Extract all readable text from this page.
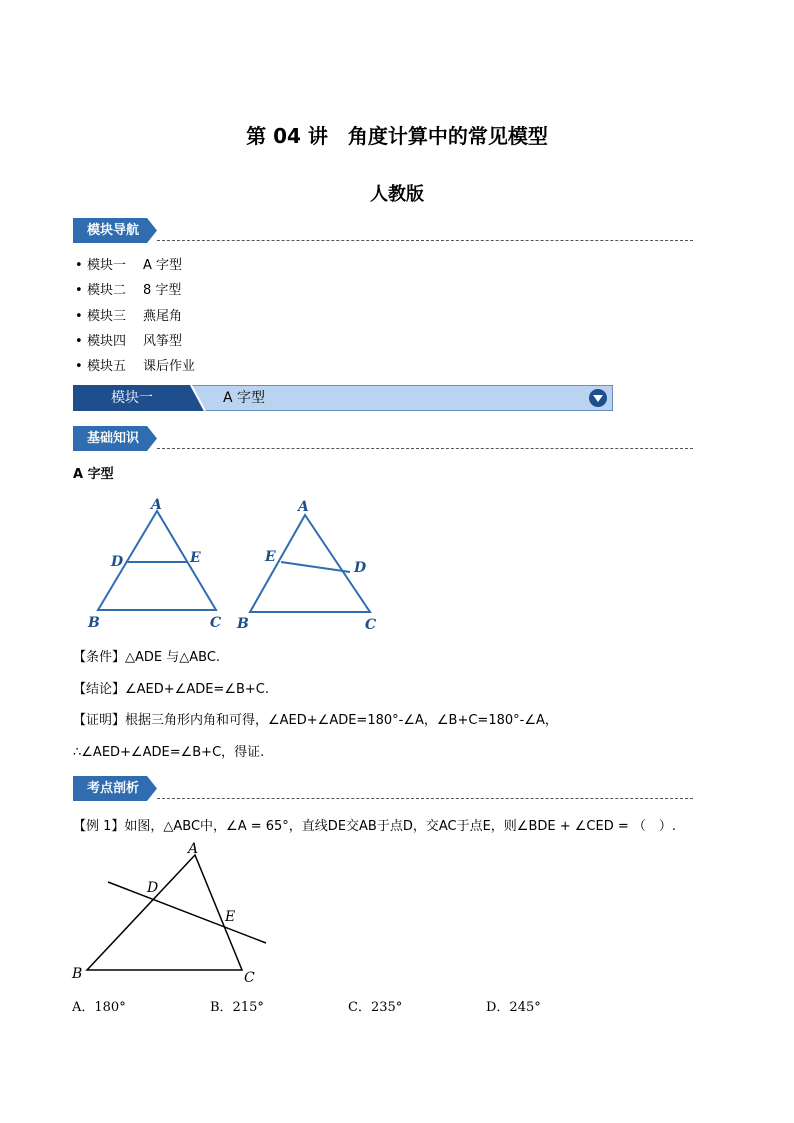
第 04 讲　角度计算中的常见模型
人教版
模块导航
• 模块一 A 字型
• 模块二 8 字型
• 模块三 燕尾角
• 模块四 风筝型
• 模块五 课后作业
模块一	A 字型
基础知识
A 字型
A
D	E
B	C
A
E
D
B	C
【条件】△ADE 与△ABC.
【结论】∠AED+∠ADE=∠B+C.
【证明】根据三角形内角和可得，∠AED+∠ADE=180°-∠A，∠B+C=180°-∠A，
∴∠AED+∠ADE=∠B+C，得证.
考点剖析
【例 1】如图，△ABC中，∠A = 65°，直线DE交AB于点D，交AC于点E，则∠BDE + ∠CED = （　）.
A
D
E
B	C
A．180°	B．215°	C．235°	D．245°
